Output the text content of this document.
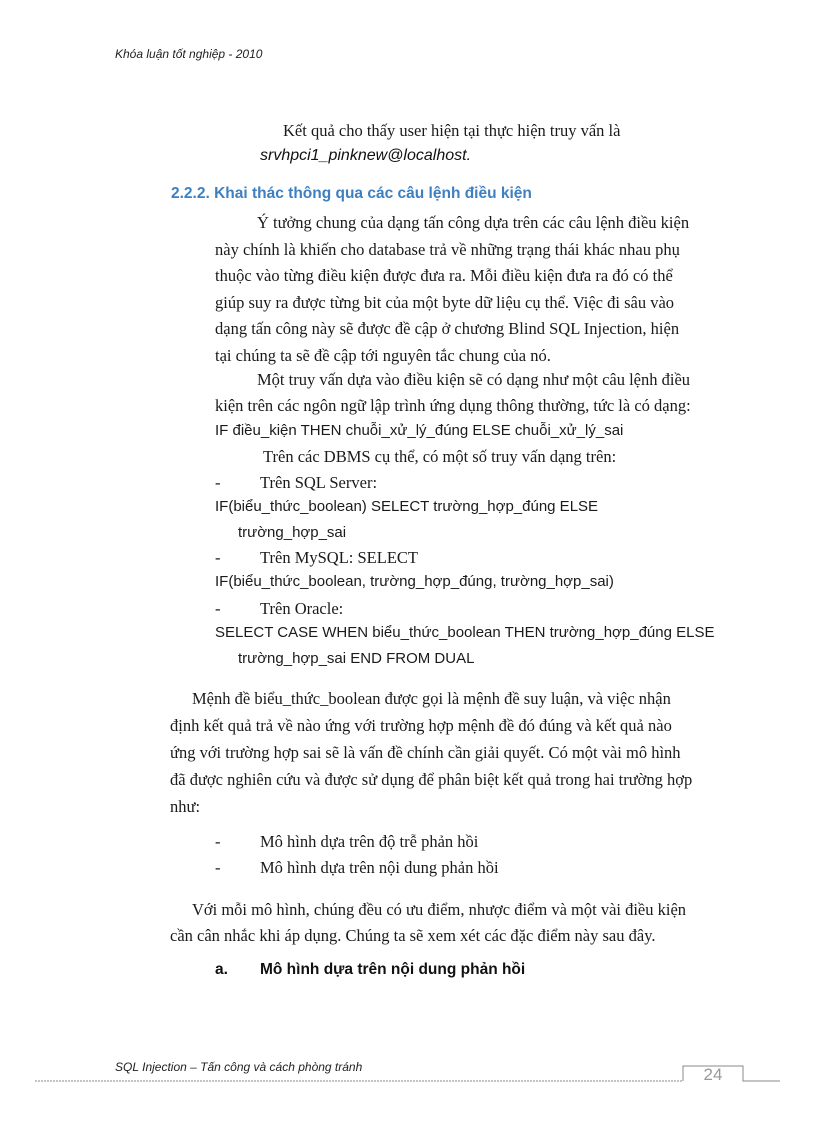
Khóa luận tốt nghiệp - 2010
Kết quả cho thấy user hiện tại thực hiện truy vấn là
srvhpci1_pinknew@localhost.
2.2.2. Khai thác thông qua các câu lệnh điều kiện
Ý tưởng chung của dạng tấn công dựa trên các câu lệnh điều kiện
này chính là khiến cho database trả về những trạng thái khác nhau phụ
thuộc vào từng điều kiện được đưa ra. Mỗi điều kiện đưa ra đó có thể
giúp suy ra được từng bit của một byte dữ liệu cụ thể. Việc đi sâu vào
dạng tấn công này sẽ được đề cập ở chương Blind SQL Injection, hiện
tại chúng ta sẽ đề cập tới nguyên tắc chung của nó.
Một truy vấn dựa vào điều kiện sẽ có dạng như một câu lệnh điều
kiện trên các ngôn ngữ lập trình ứng dụng thông thường, tức là có dạng:
IF điều_kiện THEN chuỗi_xử_lý_đúng ELSE chuỗi_xử_lý_sai
Trên các DBMS cụ thể, có một số truy vấn dạng trên:
- Trên SQL Server:
IF(biểu_thức_boolean) SELECT trường_hợp_đúng ELSE
trường_hợp_sai
- Trên MySQL: SELECT
IF(biểu_thức_boolean, trường_hợp_đúng, trường_hợp_sai)
- Trên Oracle:
SELECT CASE WHEN biểu_thức_boolean THEN trường_hợp_đúng ELSE
trường_hợp_sai END FROM DUAL
Mệnh đề biểu_thức_boolean được gọi là mệnh đề suy luận, và việc nhận
định kết quả trả về nào ứng với trường hợp mệnh đề đó đúng và kết quả nào
ứng với trường hợp sai sẽ là vấn đề chính cần giải quyết. Có một vài mô hình
đã được nghiên cứu và được sử dụng để phân biệt kết quả trong hai trường hợp
như:
- Mô hình dựa trên độ trễ phản hồi
- Mô hình dựa trên nội dung phản hồi
Với mỗi mô hình, chúng đều có ưu điểm, nhược điểm và một vài điều kiện
cần cân nhắc khi áp dụng. Chúng ta sẽ xem xét các đặc điểm này sau đây.
a. Mô hình dựa trên nội dung phản hồi
SQL Injection – Tấn công và cách phòng tránh	24
